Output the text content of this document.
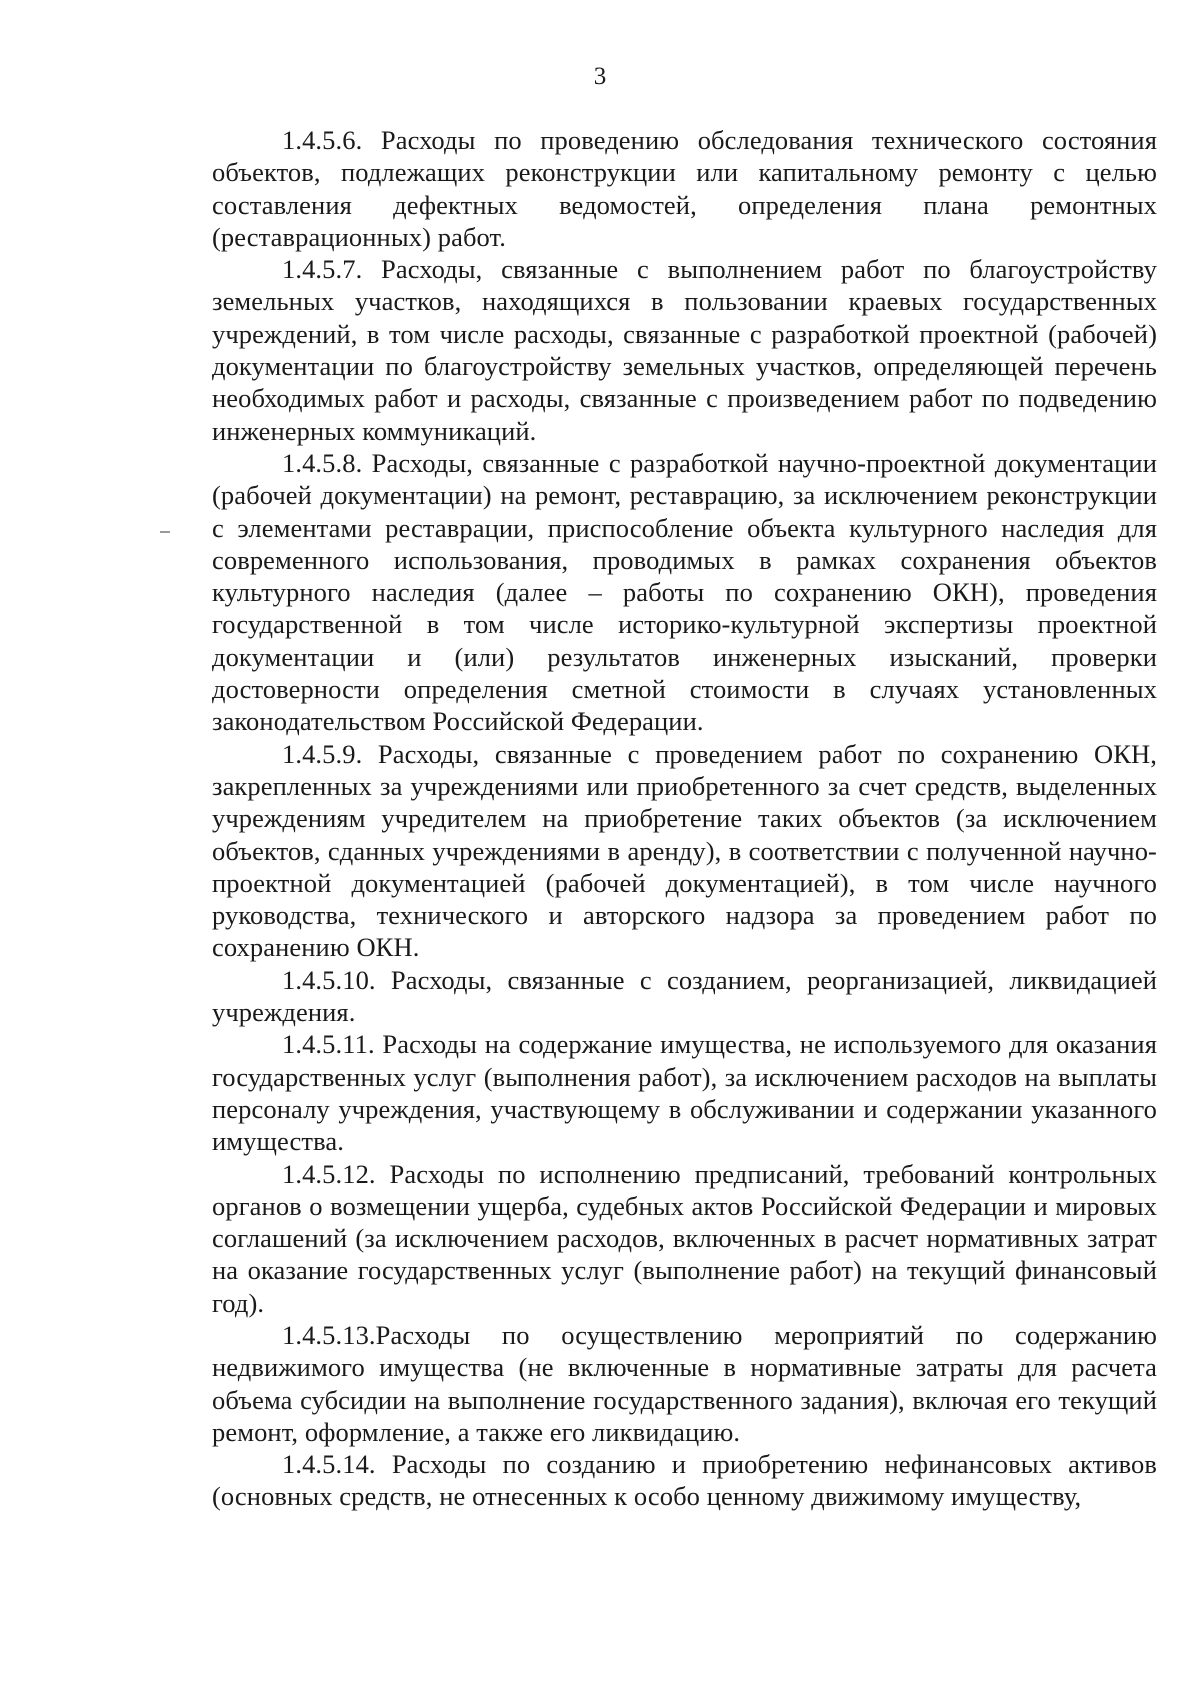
3

1.4.5.6. Расходы по проведению обследования технического состояния объектов, подлежащих реконструкции или капитальному ремонту с целью составления дефектных ведомостей, определения плана ремонтных (реставрационных) работ.

1.4.5.7. Расходы, связанные с выполнением работ по благоустройству земельных участков, находящихся в пользовании краевых государственных учреждений, в том числе расходы, связанные с разработкой проектной (рабочей) документации по благоустройству земельных участков, определяющей перечень необходимых работ и расходы, связанные с произведением работ по подведению инженерных коммуникаций.

1.4.5.8. Расходы, связанные с разработкой научно-проектной документации (рабочей документации) на ремонт, реставрацию, за исключением реконструкции с элементами реставрации, приспособление объекта культурного наследия для современного использования, проводимых в рамках сохранения объектов культурного наследия (далее – работы по сохранению ОКН), проведения государственной в том числе историко-культурной экспертизы проектной документации и (или) результатов инженерных изысканий, проверки достоверности определения сметной стоимости в случаях установленных законодательством Российской Федерации.

1.4.5.9. Расходы, связанные с проведением работ по сохранению ОКН, закрепленных за учреждениями или приобретенного за счет средств, выделенных учреждениям учредителем на приобретение таких объектов (за исключением объектов, сданных учреждениями в аренду), в соответствии с полученной научно-проектной документацией (рабочей документацией), в том числе научного руководства, технического и авторского надзора за проведением работ по сохранению ОКН.

1.4.5.10. Расходы, связанные с созданием, реорганизацией, ликвидацией учреждения.

1.4.5.11. Расходы на содержание имущества, не используемого для оказания государственных услуг (выполнения работ), за исключением расходов на выплаты персоналу учреждения, участвующему в обслуживании и содержании указанного имущества.

1.4.5.12. Расходы по исполнению предписаний, требований контрольных органов о возмещении ущерба, судебных актов Российской Федерации и мировых соглашений (за исключением расходов, включенных в расчет нормативных затрат на оказание государственных услуг (выполнение работ) на текущий финансовый год).

1.4.5.13.Расходы по осуществлению мероприятий по содержанию недвижимого имущества (не включенные в нормативные затраты для расчета объема субсидии на выполнение государственного задания), включая его текущий ремонт, оформление, а также его ликвидацию.

1.4.5.14. Расходы по созданию и приобретению нефинансовых активов (основных средств, не отнесенных к особо ценному движимому имуществу,
